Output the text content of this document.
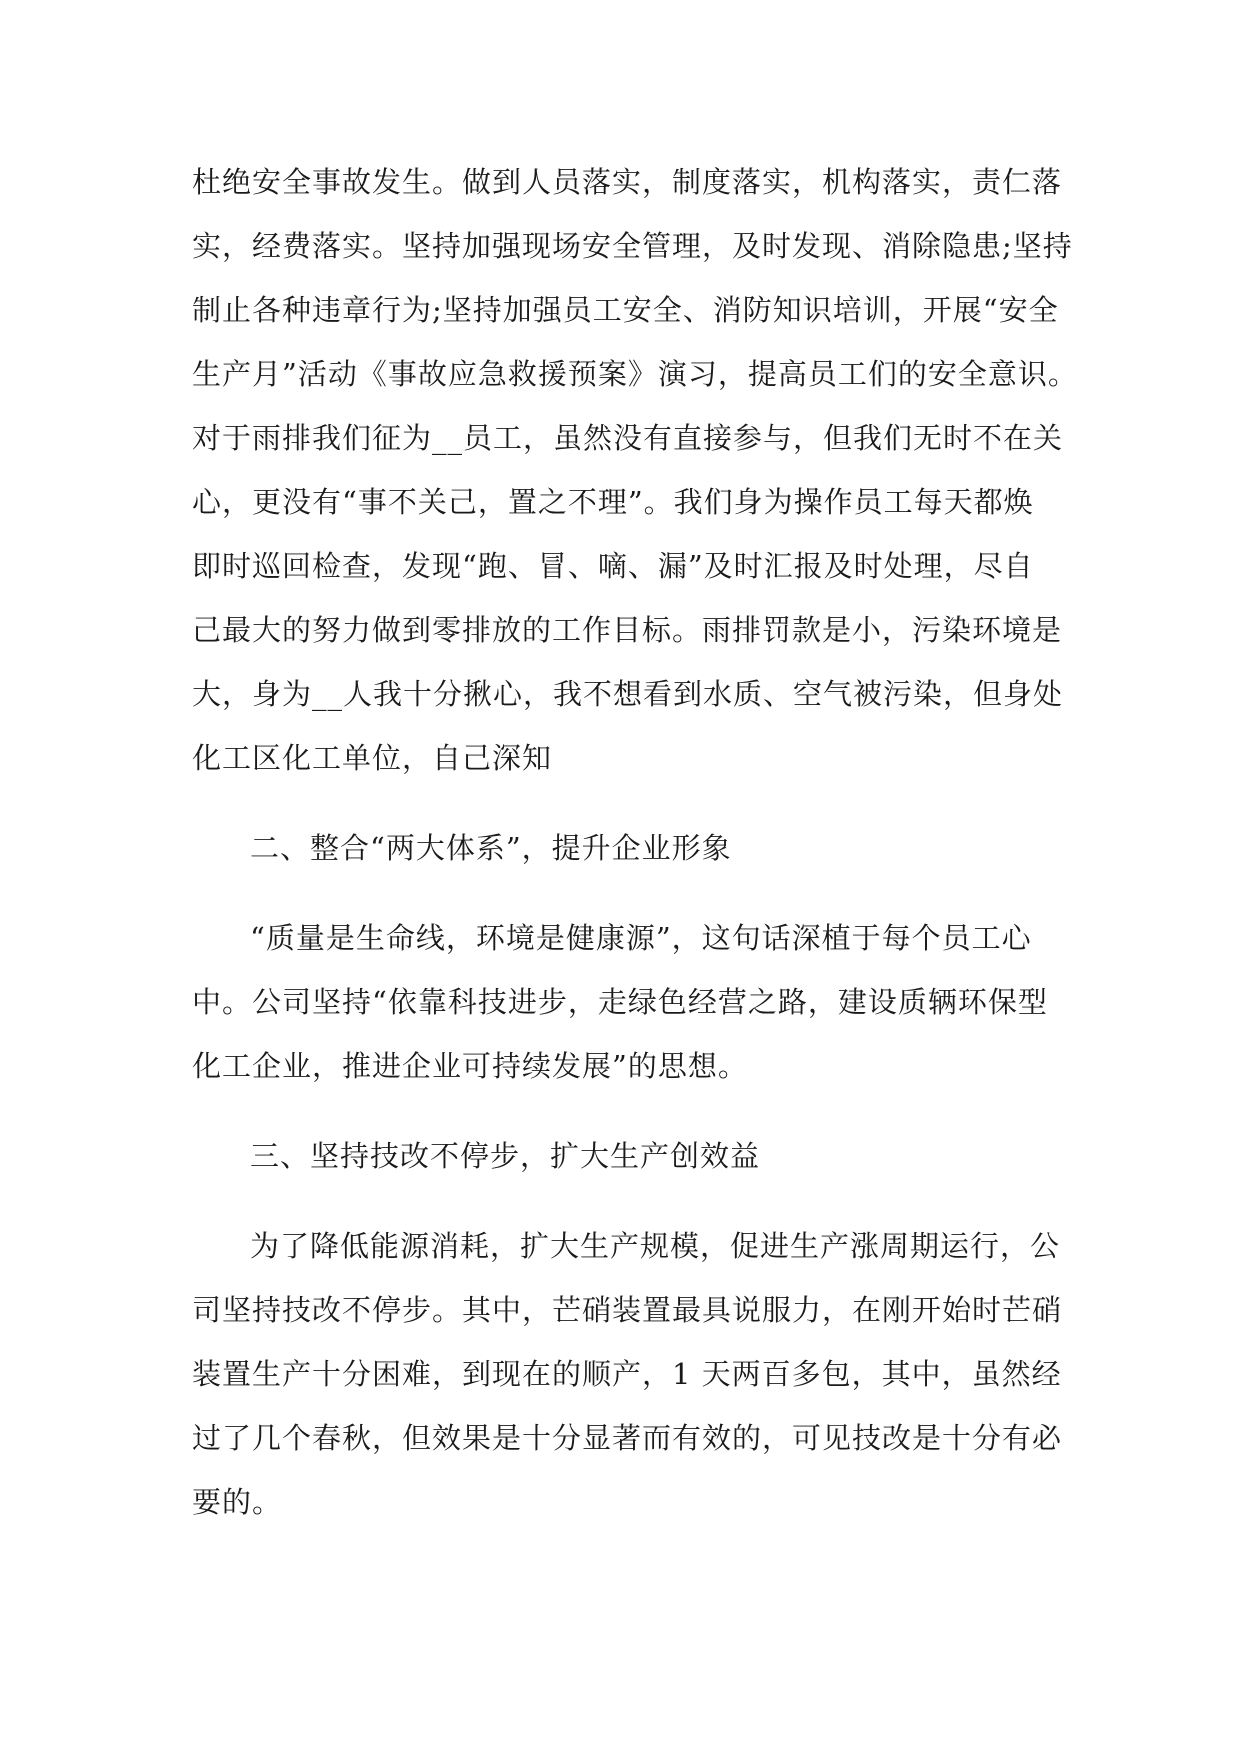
杜绝安全事故发生。做到人员落实，制度落实，机构落实，责仁落
实，经费落实。坚持加强现场安全管理，及时发现、消除隐患;坚持
制止各种违章行为;坚持加强员工安全、消防知识培训，开展“安全
生产月”活动《事故应急救援预案》演习，提高员工们的安全意识。
对于雨排我们征为__员工，虽然没有直接参与，但我们无时不在关
心，更没有“事不关己，置之不理”。我们身为操作员工每天都焕
即时巡回检查，发现“跑、冒、嘀、漏”及时汇报及时处理，尽自
己最大的努力做到零排放的工作目标。雨排罚款是小，污染环境是
大，身为__人我十分揪心，我不想看到水质、空气被污染，但身处
化工区化工单位，自己深知
二、整合“两大体系”，提升企业形象
“质量是生命线，环境是健康源”，这句话深植于每个员工心
中。公司坚持“依靠科技进步，走绿色经营之路，建设质辆环保型
化工企业，推进企业可持续发展”的思想。
三、坚持技改不停步，扩大生产创效益
为了降低能源消耗，扩大生产规模，促进生产涨周期运行，公
司坚持技改不停步。其中，芒硝装置最具说服力，在刚开始时芒硝
装置生产十分困难，到现在的顺产，1 天两百多包，其中，虽然经
过了几个春秋，但效果是十分显著而有效的，可见技改是十分有必
要的。
